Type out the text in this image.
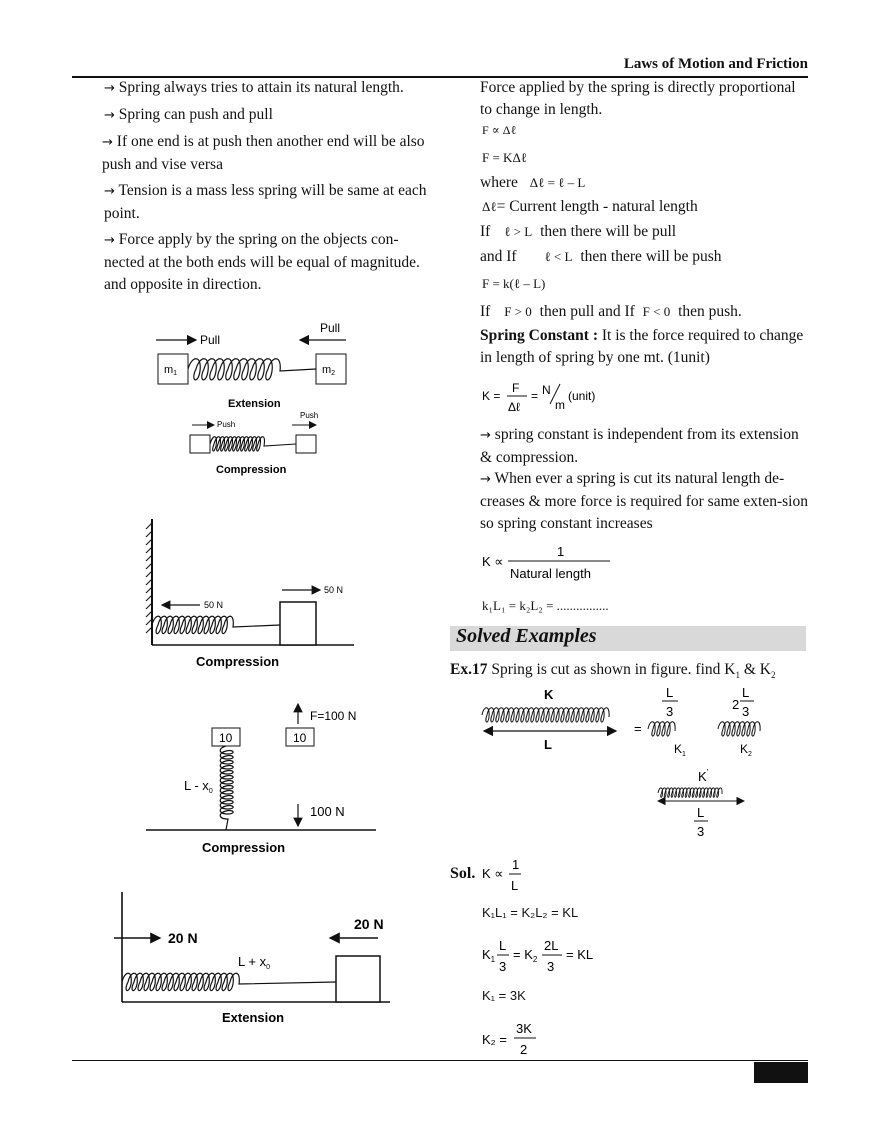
Laws of Motion and Friction

→ Spring always tries to attain its natural length.

→ Spring can push and pull

→ If one end is at push then another end will be also push and vise versa

→ Tension is a mass less spring will be same at each point.

→ Force apply by the spring on the objects con-nected at the both ends will be equal of magnitude. and opposite in direction.

Pull
Pull
m1	m2
Extension
Push
Push
Compression
50 N
50 N
Compression
10	10
F=100 N
L - $x_0$
100 N
Compression
20 N
20 N
$L + x_0$
Extension

Force applied by the spring is directly proportional to change in length.

F ∝ Δℓ
F = KΔℓ
where Δℓ = ℓ – L
Δℓ= Current length - natural length
If ℓ > L then there will be pull
and If ℓ < L then there will be push
F = k(ℓ – L)
If F > 0 then pull and If F < 0 then push.
Spring Constant : It is the force required to change in length of spring by one mt. (1unit)
K =
F
Δℓ
= N
m
(unit)
→ spring constant is independent from its extension & compression.
→ When ever a spring is cut its natural length de-creases & more force is required for same exten-sion so spring constant increases
K ∝
1
Natural length
k₁L₁ = k₂L₂ = ................
Solved Examples
Ex.17 Spring is cut as shown in figure. find $K_1$ & $K_2$
K
L
=
L
3
$K_1$
2
L
3
$K_2$
K'
L
3
Sol. K ∝
1
L
K₁L₁ = K₂L₂ = KL
$K_1$
L
3
= $K_2$
2L
3
= KL
K₁ = 3K
K₂ =
3K
2
